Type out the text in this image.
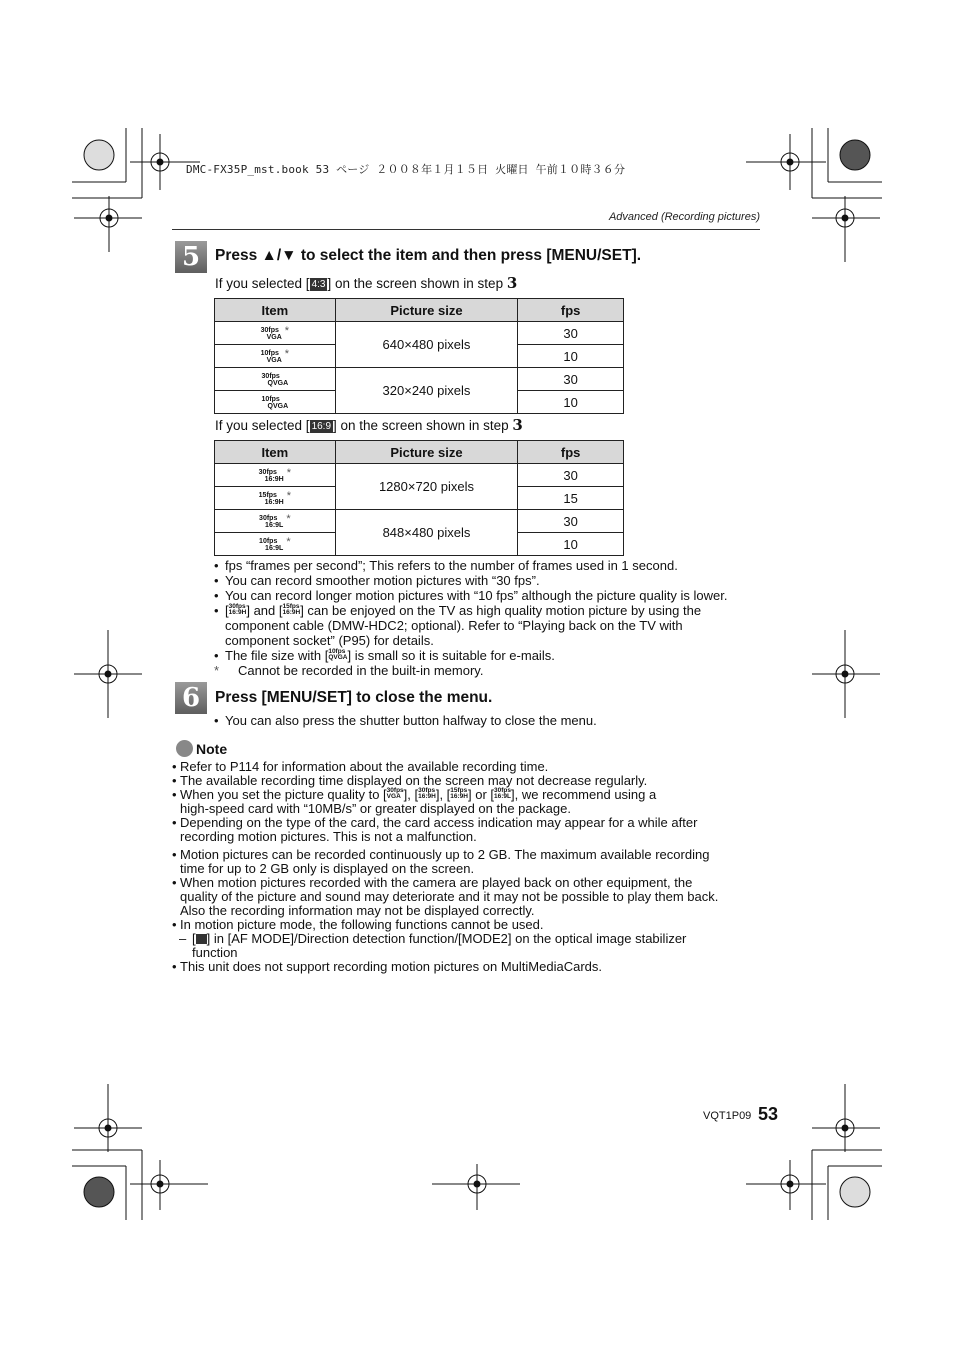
DMC-FX35P_mst.book 53 ページ ２００８年１月１５日 火曜日 午前１０時３６分
Advanced (Recording pictures)
5 Press ▲/▼ to select the item and then press [MENU/SET].
If you selected [ 4:3 ] on the screen shown in step 3
Item	Picture size	fps

30fps
VGA
*	640×480 pixels	30

10fps
VGA
*		10

30fps
QVGA	320×240 pixels	30

10fps
QVGA		10
If you selected [ 16:9 ] on the screen shown in step 3
Item	Picture size	fps

30fps
16:9H
*	1280×720 pixels	30

15fps
16:9H
*		15

30fps
16:9L
*	848×480 pixels	30

10fps
16:9L
*		10
• fps “frames per second”; This refers to the number of frames used in 1 second.
• You can record smoother motion pictures with “30 fps”.
• You can record longer motion pictures with “10 fps” although the picture quality is lower.
• [ 30fps
16:9H ] and [ 15fps
16:9H ] can be enjoyed on the TV as high quality motion picture by using the
component cable (DMW-HDC2; optional). Refer to “Playing back on the TV with
component socket” (P95) for details.
• The file size with [ 10fps
QVGA ] is small so it is suitable for e-mails.
* Cannot be recorded in the built-in memory.
6 Press [MENU/SET] to close the menu.
• You can also press the shutter button halfway to close the menu.
Note
• Refer to P114 for information about the available recording time.
• The available recording time displayed on the screen may not decrease regularly.
• When you set the picture quality to [ 30fps
VGA ], [ 30fps
16:9H ], [ 15fps
16:9H ] or [ 30fps
16:9L ], we recommend using a
high-speed card with “10MB/s” or greater displayed on the package.
• Depending on the type of the card, the card access indication may appear for a while after
recording motion pictures. This is not a malfunction.
• Motion pictures can be recorded continuously up to 2 GB. The maximum available recording
time for up to 2 GB only is displayed on the screen.
• When motion pictures recorded with the camera are played back on other equipment, the
quality of the picture and sound may deteriorate and it may not be possible to play them back.
Also the recording information may not be displayed correctly.
• In motion picture mode, the following functions cannot be used.
– [ ] in [AF MODE]/Direction detection function/[MODE2] on the optical image stabilizer
function
• This unit does not support recording motion pictures on MultiMediaCards.
VQT1P09 53
